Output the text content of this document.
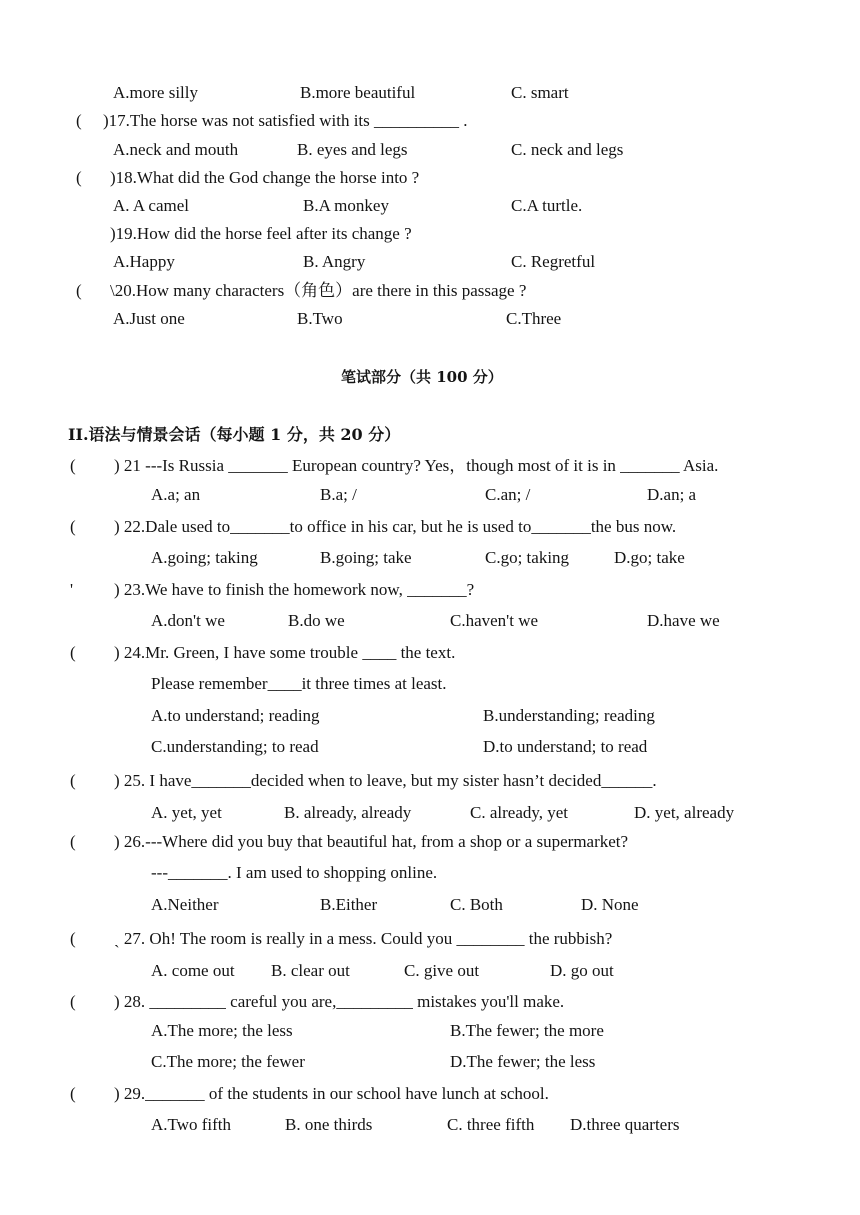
A.more silly	B.more beautiful	C. smart
( )17.The horse was not satisfied with its __________ .
A.neck and mouth	B. eyes and legs	C. neck and legs
( )18.What did the God change the horse into ?
A. A camel	B.A monkey	C.A turtle.
)19.How did the horse feel after its change ?
A.Happy	B. Angry	C. Regretful
( \20.How many characters（角色）are there in this passage ?
A.Just one	B.Two	C.Three
笔试部分（共 100 分）
II.语法与情景会话（每小题 1 分，共 20 分）
( ) 21 ---Is Russia _______ European country? Yes，though most of it is in _______ Asia.
A.a; an	B.a; /	C.an; /	D.an; a
( ) 22.Dale used to_______to office in his car, but he is used to_______the bus now.
A.going; taking	B.going; take	C.go; taking	D.go; take
' ) 23.We have to finish the homework now, _______?
A.don't we	B.do we	C.haven't we	D.have we
( ) 24.Mr. Green, I have some trouble ____ the text.
Please remember____it three times at least.
A.to understand; reading	B.understanding; reading
C.understanding; to read	D.to understand; to read
( ) 25. I have_______decided when to leave, but my sister hasn’t decided______.
A. yet, yet	B. already, already	C. already, yet	D. yet, already
( ) 26.---Where did you buy that beautiful hat, from a shop or a supermarket?
---_______. I am used to shopping online.
A.Neither	B.Either	C. Both	D. None
( ˏ 27. Oh! The room is really in a mess. Could you ________ the rubbish?
A. come out B. clear out	C. give out	D. go out
( ) 28. _________ careful you are,_________ mistakes you'll make.
A.The more; the less	B.The fewer; the more
C.The more; the fewer	D.The fewer; the less
( ) 29._______ of the students in our school have lunch at school.
A.Two fifth	B. one thirds	C. three fifth D.three quarters
